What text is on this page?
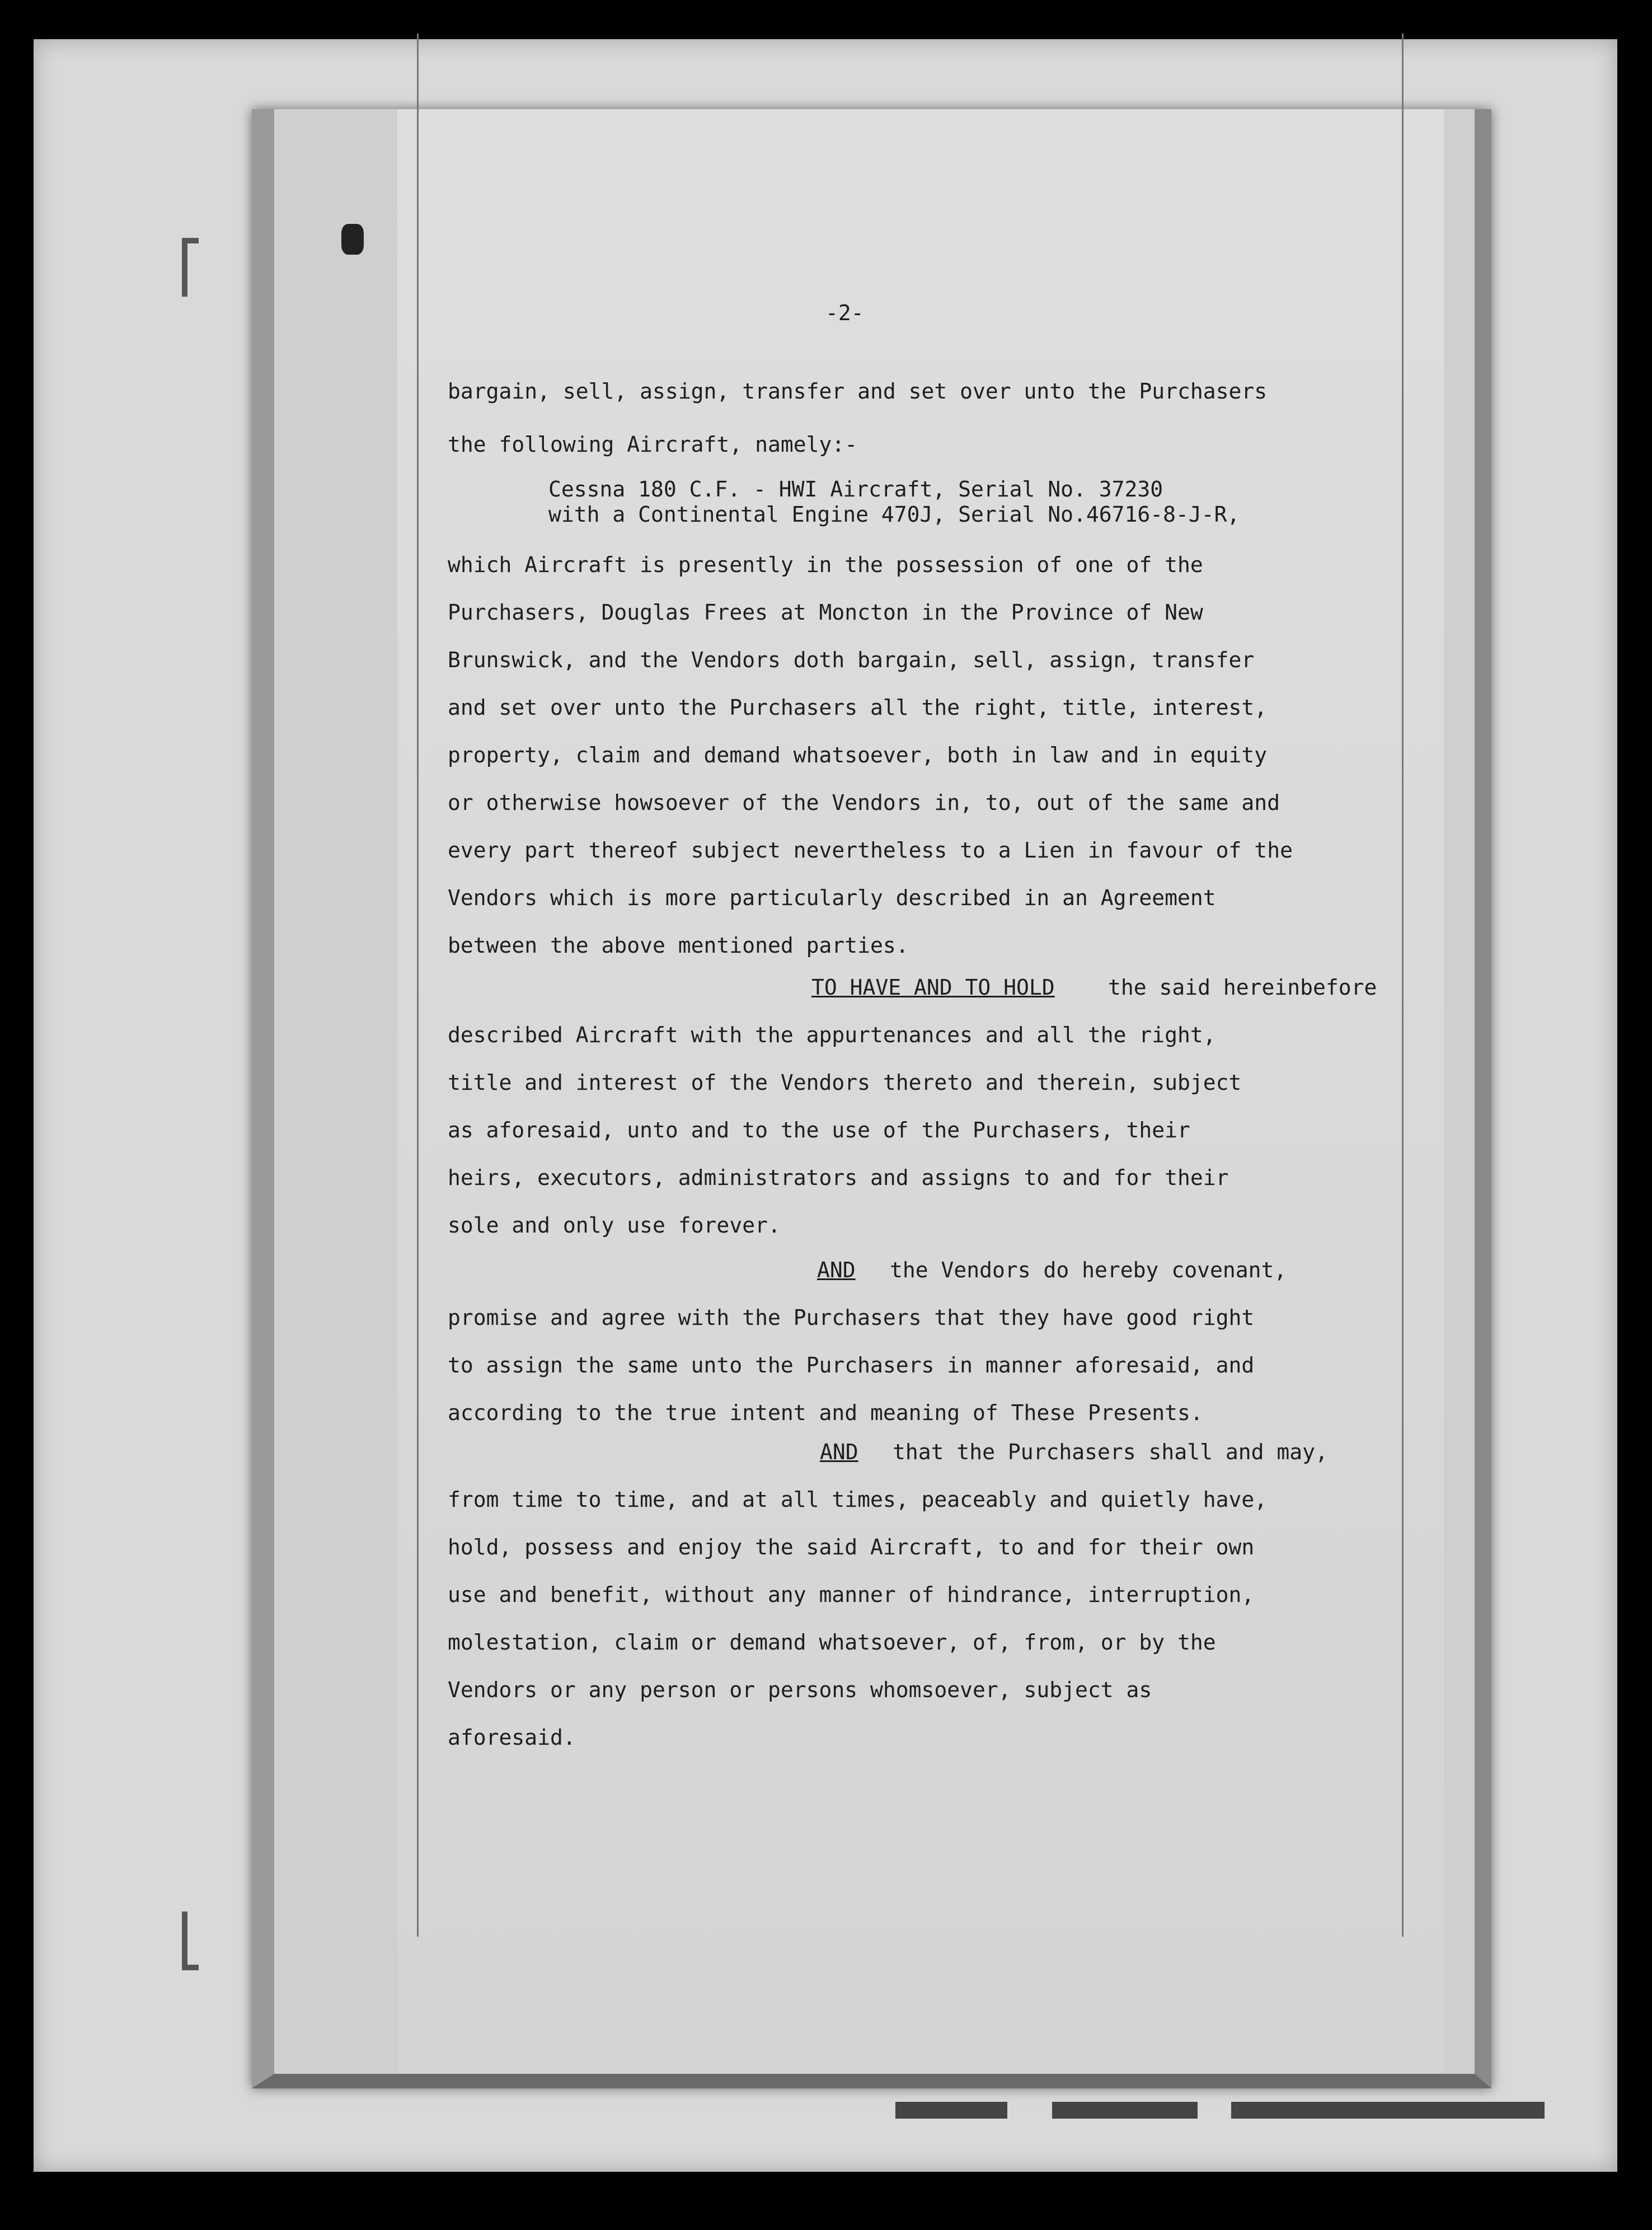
-2-
bargain, sell, assign, transfer and set over unto the Purchasers
the following Aircraft, namely:-
Cessna 180 C.F. - HWI Aircraft, Serial No. 37230
with a Continental Engine 470J, Serial No.46716-8-J-R,
which Aircraft is presently in the possession of one of the
Purchasers, Douglas Frees at Moncton in the Province of New
Brunswick, and the Vendors doth bargain, sell, assign, transfer
and set over unto the Purchasers all the right, title, interest,
property, claim and demand whatsoever, both in law and in equity
or otherwise howsoever of the Vendors in, to, out of the same and
every part thereof subject nevertheless to a Lien in favour of the
Vendors which is more particularly described in an Agreement
between the above mentioned parties.
TO HAVE AND TO HOLD	the said hereinbefore
described Aircraft with the appurtenances and all the right,
title and interest of the Vendors thereto and therein, subject
as aforesaid, unto and to the use of the Purchasers, their
heirs, executors, administrators and assigns to and for their
sole and only use forever.
AND the Vendors do hereby covenant,
promise and agree with the Purchasers that they have good right
to assign the same unto the Purchasers in manner aforesaid, and
according to the true intent and meaning of These Presents.
AND that the Purchasers shall and may,
from time to time, and at all times, peaceably and quietly have,
hold, possess and enjoy the said Aircraft, to and for their own
use and benefit, without any manner of hindrance, interruption,
molestation, claim or demand whatsoever, of, from, or by the
Vendors or any person or persons whomsoever, subject as
aforesaid.
